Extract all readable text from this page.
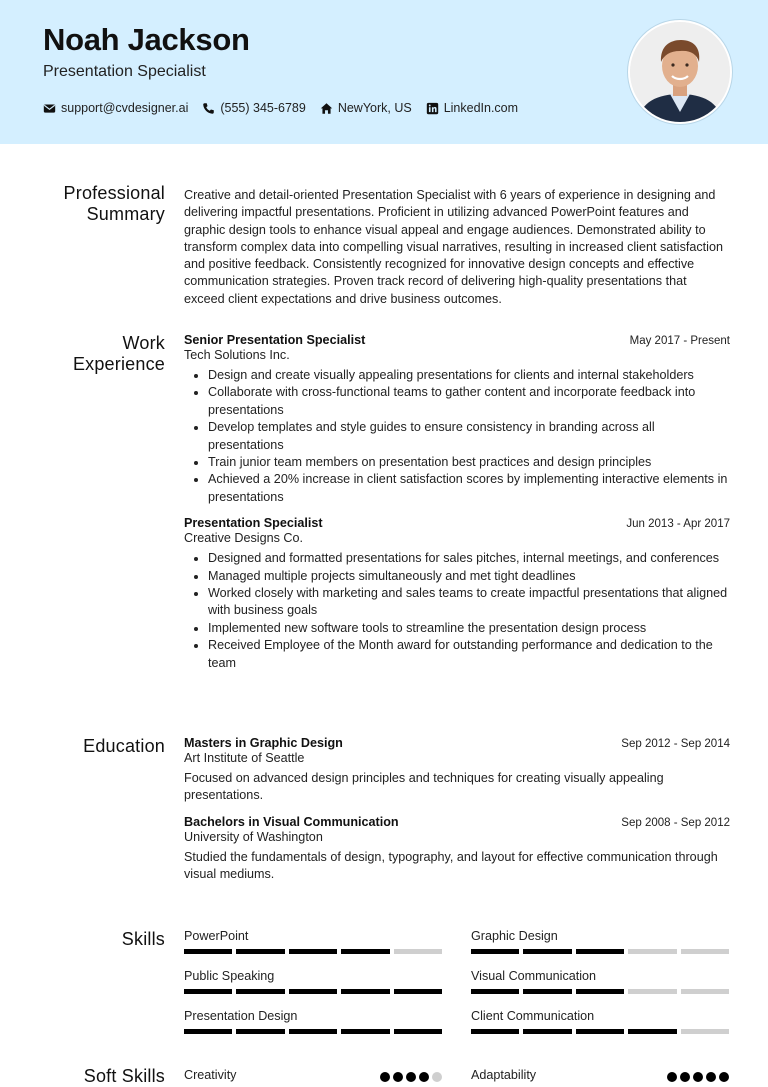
Noah Jackson
Presentation Specialist
support@cvdesigner.ai	(555) 345-6789	NewYork, US	LinkedIn.com
Professional
Summary

Creative and detail-oriented Presentation Specialist with 6 years of experience in designing and delivering impactful presentations. Proficient in utilizing advanced PowerPoint features and graphic design tools to enhance visual appeal and engage audiences. Demonstrated ability to transform complex data into compelling visual narratives, resulting in increased client satisfaction and positive feedback. Consistently recognized for innovative design concepts and effective communication strategies. Proven track record of delivering high-quality presentations that exceed client expectations and drive business outcomes.

Work
Experience
Senior Presentation Specialist	May 2017 - Present
Tech Solutions Inc.
• Design and create visually appealing presentations for clients and internal stakeholders
• Collaborate with cross-functional teams to gather content and incorporate feedback into presentations
• Develop templates and style guides to ensure consistency in branding across all presentations
• Train junior team members on presentation best practices and design principles
• Achieved a 20% increase in client satisfaction scores by implementing interactive elements in presentations
Presentation Specialist	Jun 2013 - Apr 2017
Creative Designs Co.
• Designed and formatted presentations for sales pitches, internal meetings, and conferences
• Managed multiple projects simultaneously and met tight deadlines
• Worked closely with marketing and sales teams to create impactful presentations that aligned with business goals
• Implemented new software tools to streamline the presentation design process
• Received Employee of the Month award for outstanding performance and dedication to the team
Education Masters in Graphic Design	Sep 2012 - Sep 2014
Art Institute of Seattle

Focused on advanced design principles and techniques for creating visually appealing presentations.

Bachelors in Visual Communication	Sep 2008 - Sep 2012
University of Washington

Studied the fundamentals of design, typography, and layout for effective communication through visual mediums.

Skills PowerPoint	Graphic Design
Public Speaking	Visual Communication
Presentation Design	Client Communication
Soft Skills Creativity	Adaptability
